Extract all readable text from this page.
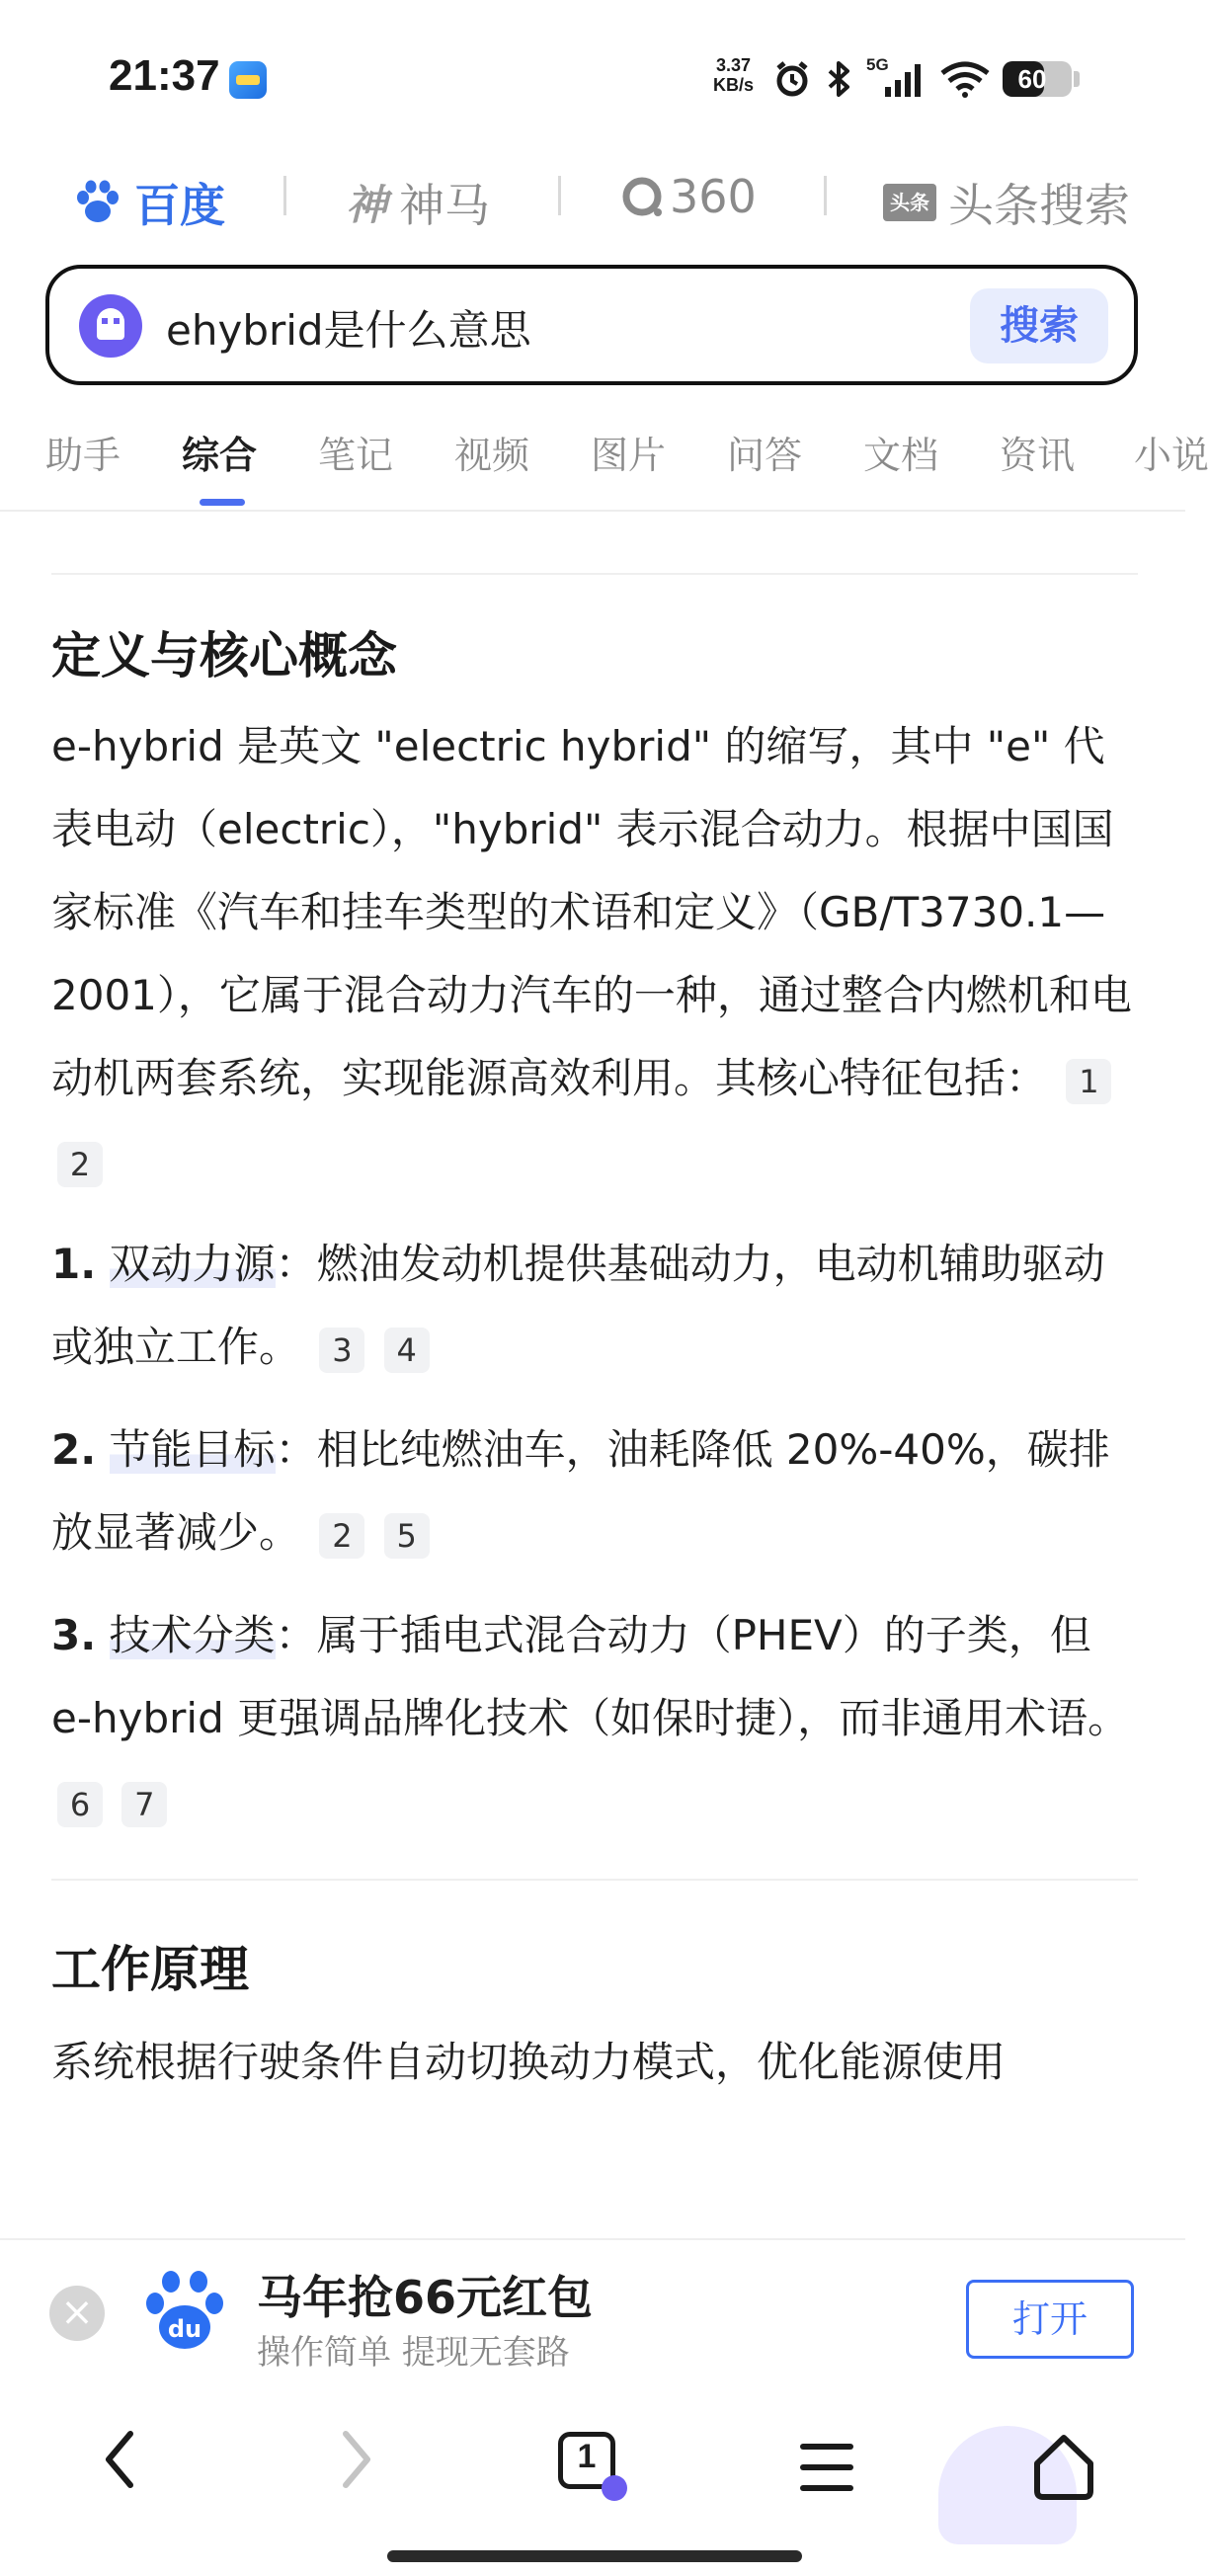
21:37	3.37
KB/s
5G	60
百度	神 神马	360	头条 头条搜索
ehybrid是什么意思	搜索
助手 综合 笔记 视频 图片 问答 文档 资讯 小说
定义与核心概念

e-hybrid 是英文 "electric hybrid" 的缩写，其中 "e" 代表电动（electric），"hybrid" 表示混合动力。根据中国国家标准《汽车和挂车类型的术语和定义》（GB/T3730.1—2001），它属于混合动力汽车的一种，通过整合内燃机和电动机两套系统，实现能源高效利用。其核心特征包括： 1 2

1. 双动力源：燃油发动机提供基础动力，电动机辅助驱动或独立工作。 3 4

2. 节能目标：相比纯燃油车，油耗降低 20%-40%，碳排放显著减少。 2 5

3. 技术分类：属于插电式混合动力（PHEV）的子类，但 e-hybrid 更强调品牌化技术（如保时捷），而非通用术语。 6 7

工作原理

系统根据行驶条件自动切换动力模式，优化能源使用

×	du
马年抢66元红包
操作简单 提现无套路
打开
1
